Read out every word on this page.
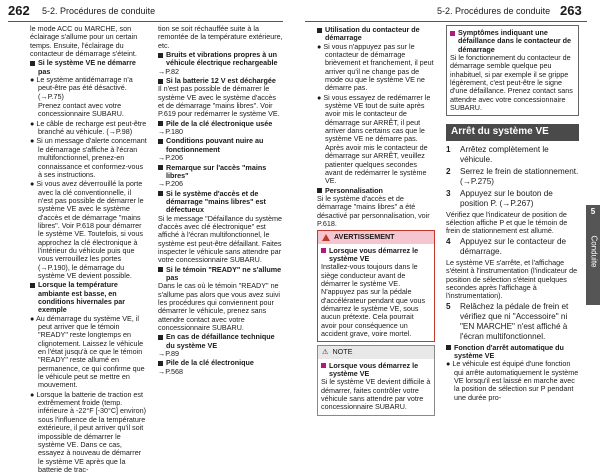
262 5-2. Procédures de conduite	5-2. Procédures de conduite 263

le mode ACC ou MARCHE, son éclairage s'allume pour un certain temps. Ensuite, l'éclairage du contacteur de démarrage s'éteint.

Si le système VE ne démarre pas

● Le système antidémarrage n'a peut-être pas été désactivé. (→P.75)

Prenez contact avec votre concessionnaire SUBARU.

● Le câble de recharge est peut-être branché au véhicule. (→P.98)

● Si un message d'alerte concernant le démarrage s'affiche à l'écran multifonctionnel, prenez-en connaissance et conformez-vous à ses instructions.

● Si vous avez déverrouillé la porte avec la clé conventionnelle, il n'est pas possible de démarrer le système VE avec le système d'accès et de démarrage "mains libres". Voir P.618 pour démarrer le système VE. Toutefois, si vous approchez la clé électronique à l'intérieur du véhicule puis que vous verrouillez les portes (→P.190), le démarrage du système VE devient possible.

Lorsque la température ambiante est basse, en conditions hivernales par exemple

● Au démarrage du système VE, il peut arriver que le témoin "READY" reste longtemps en clignotement. Laissez le véhicule en l'état jusqu'à ce que le témoin "READY" reste allumé en permanence, ce qui confirme que le véhicule peut se mettre en mouvement.

● Lorsque la batterie de traction est extrêmement froide (temp. inférieure à -22°F [-30°C] environ) sous l'influence de la température extérieure, il peut arriver qu'il soit impossible de démarrer le système VE. Dans ce cas, essayez à nouveau de démarrer le système VE après que la batterie de trac-

tion se soit réchauffée suite à la remontée de la température extérieure, etc.

Bruits et vibrations propres à un véhicule électrique rechargeable

→P.82

Si la batterie 12 V est déchargée

Il n'est pas possible de démarrer le système VE avec le système d'accès et de démarrage "mains libres". Voir P.619 pour redémarrer le système VE.

Pile de la clé électronique usée

→P.180

Conditions pouvant nuire au fonctionnement

→P.206

Remarque sur l'accès "mains libres"

→P.206

Si le système d'accès et de démarrage "mains libres" est défectueux

Si le message "Défaillance du système d'accès avec clé électronique" est affiché à l'écran multifonctionnel, le système est peut-être défaillant. Faites inspecter le véhicule sans attendre par votre concessionnaire SUBARU.

Si le témoin "READY" ne s'allume pas

Dans le cas où le témoin "READY" ne s'allume pas alors que vous avez suivi les procédures qui conviennent pour démarrer le véhicule, prenez sans attendre contact avec votre concessionnaire SUBARU.

En cas de défaillance technique du système VE

→P.89

Pile de la clé électronique

→P.568

Utilisation du contacteur de démarrage

● Si vous n'appuyez pas sur le contacteur de démarrage brièvement et franchement, il peut arriver qu'il ne change pas de mode ou que le système VE ne démarre pas.

● Si vous essayez de redémarrer le système VE tout de suite après avoir mis le contacteur de démarrage sur ARRÊT, il peut arriver dans certains cas que le système VE ne démarre pas. Après avoir mis le contacteur de démarrage sur ARRÊT, veuillez patienter quelques secondes avant de redémarrer le système VE.

Personnalisation

Si le système d'accès et de démarrage "mains libres" a été désactivé par personnalisation, voir P.618.

AVERTISSEMENT
Lorsque vous démarrez le système VE

Installez-vous toujours dans le siège conducteur avant de démarrer le système VE. N'appuyez pas sur la pédale d'accélérateur pendant que vous démarrez le système VE, sous aucun prétexte. Cela pourrait avoir pour conséquence un accident grave, voire mortel.

⚠ NOTE
Lorsque vous démarrez le système VE

Si le système VE devient difficile à démarrer, faites contrôler votre véhicule sans attendre par votre concessionnaire SUBARU.

Symptômes indiquant une défaillance dans le contacteur de démarrage

Si le fonctionnement du contacteur de démarrage semble quelque peu inhabituel, si par exemple il se grippe légèrement, c'est peut-être le signe d'une défaillance. Prenez contact sans attendre avec votre concessionnaire SUBARU.

Arrêt du système VE
1	Arrêtez complètement le véhicule.
2	Serrez le frein de stationnement. (→P.275)
3	Appuyez sur le bouton de position P. (→P.267)

Vérifiez que l'indicateur de position de sélection affiche P et que le témoin de frein de stationnement est allumé.

4	Appuyez sur le contacteur de démarrage.

Le système VE s'arrête, et l'affichage s'éteint à l'instrumentation (l'indicateur de position de sélection s'éteint quelques secondes après l'affichage à l'instrumentation).

5	Relâchez la pédale de frein et vérifiez que ni "Accessoire" ni "EN MARCHE" n'est affiché à l'écran multifonctionnel.
Fonction d'arrêt automatique du système VE

● Le véhicule est équipé d'une fonction qui arrête automatiquement le système VE lorsqu'il est laissé en marche avec la position de sélection sur P pendant une durée pro-

5
Conduite
